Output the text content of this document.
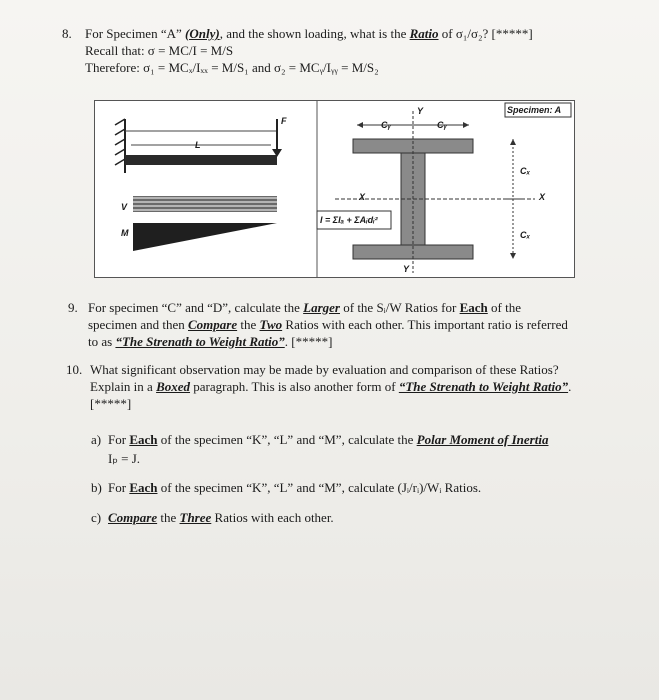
8. For Specimen “A” (Only), and the shown loading, what is the Ratio of σ₁/σ₂? [*****]
Recall that: σ = MC/I = M/S
Therefore: σ₁ = MCₓ/Iₓₓ = M/S₁ and σ₂ = MCᵧ/Iᵧᵧ = M/S₂
L
F
V
M
Specimen: A
Cᵧ	Cᵧ
Cₓ
Cₓ
X	X
Y
Y
I = ΣIₐ + ΣAᵢdᵢ²
9. For specimen “C” and “D”, calculate the Larger of the Sᵢ/W Ratios for Each of the
specimen and then Compare the Two Ratios with each other. This important ratio is referred
to as “The Strenath to Weight Ratio”. [*****]
10. What significant observation may be made by evaluation and comparison of these Ratios?
Explain in a Boxed paragraph. This is also another form of “The Strenath to Weight Ratio”.
[*****]
a) For Each of the specimen “K”, “L” and “M”, calculate the Polar Moment of Inertia
Iₚ = J.
b) For Each of the specimen “K”, “L” and “M”, calculate (Jᵢ/rᵢ)/Wᵢ Ratios.
c) Compare the Three Ratios with each other.
